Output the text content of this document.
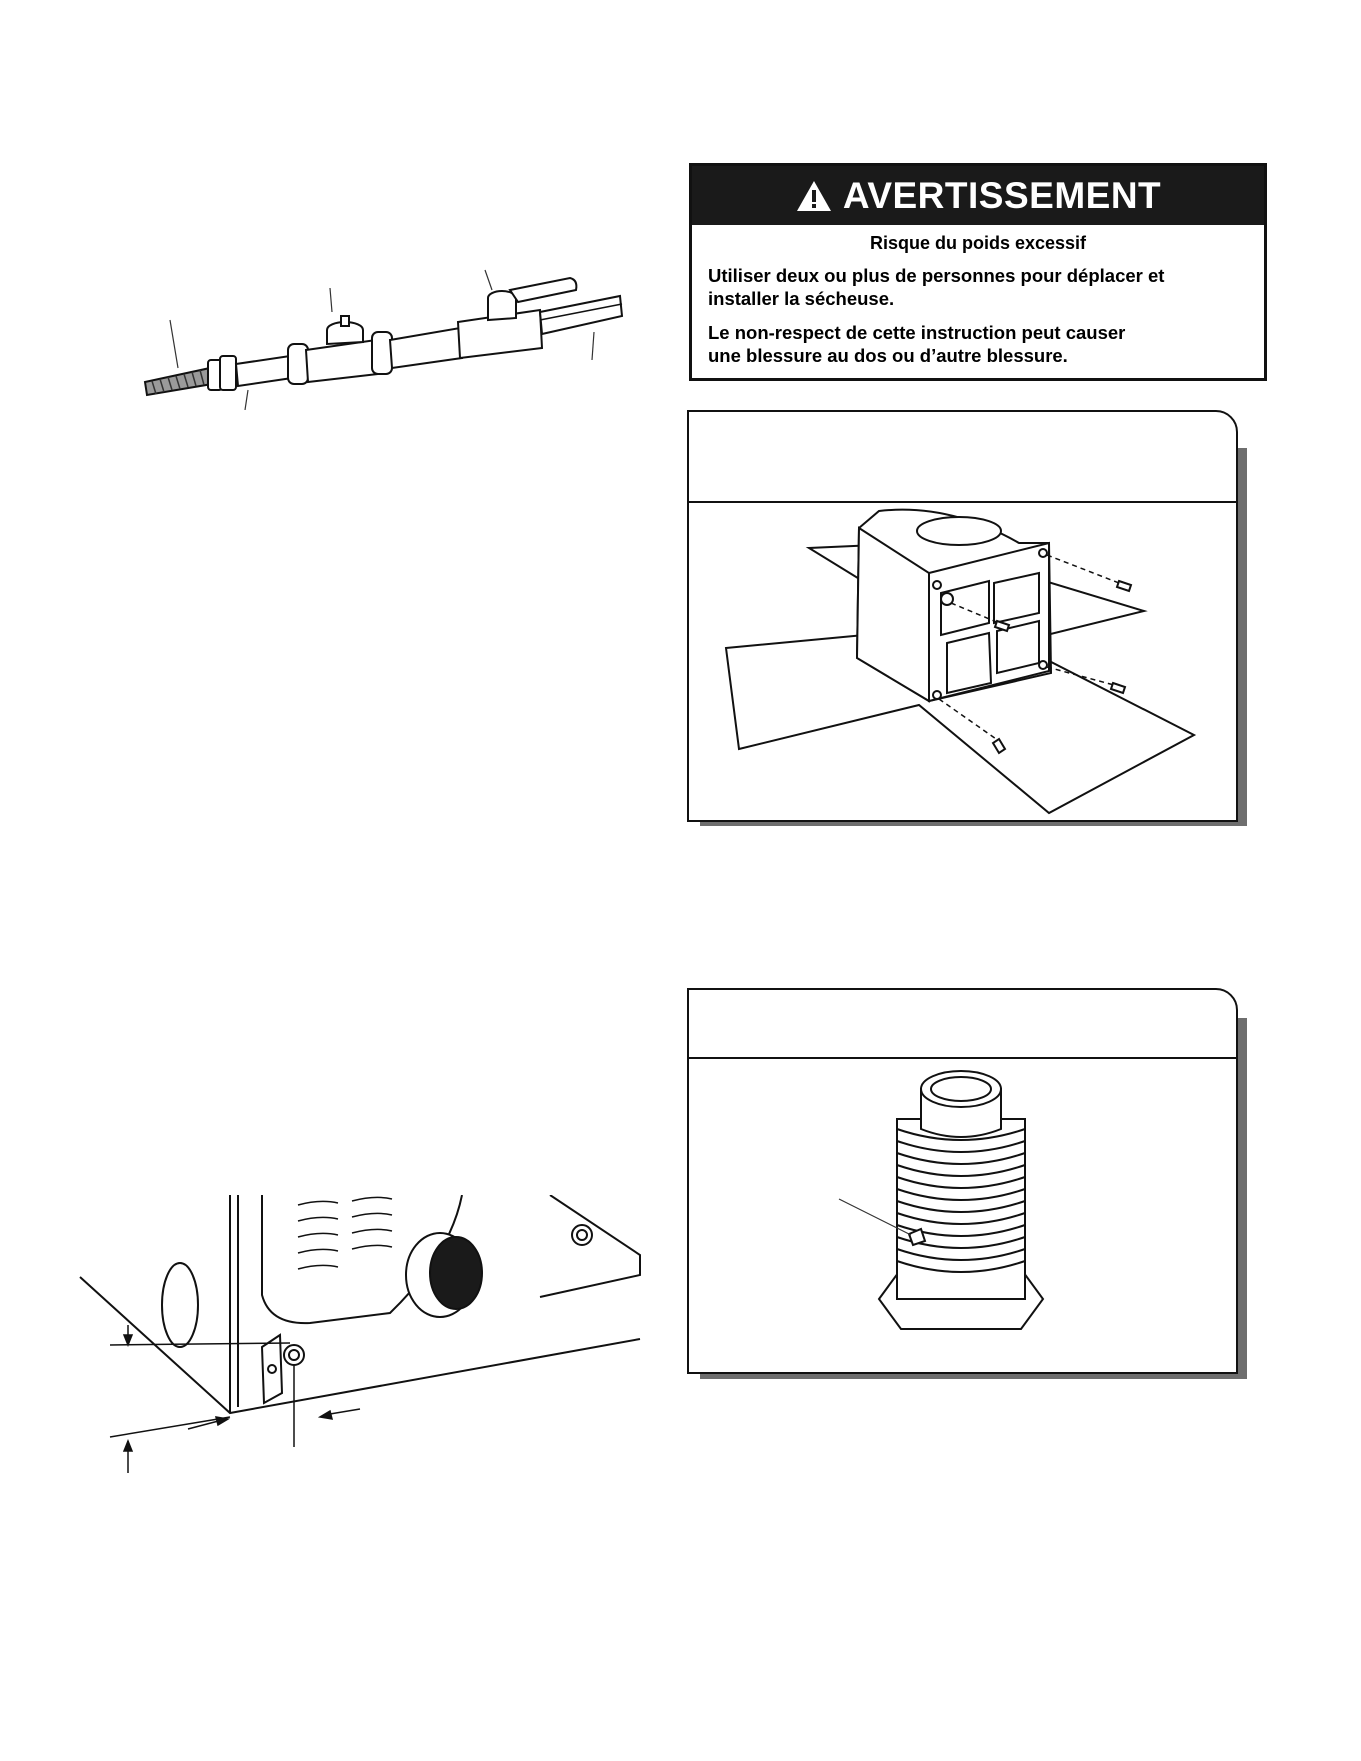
AVERTISSEMENT

Risque du poids excessif

Utiliser deux ou plus de personnes pour déplacer et
installer la sécheuse.

Le non-respect de cette instruction peut causer
une blessure au dos ou d’autre blessure.
